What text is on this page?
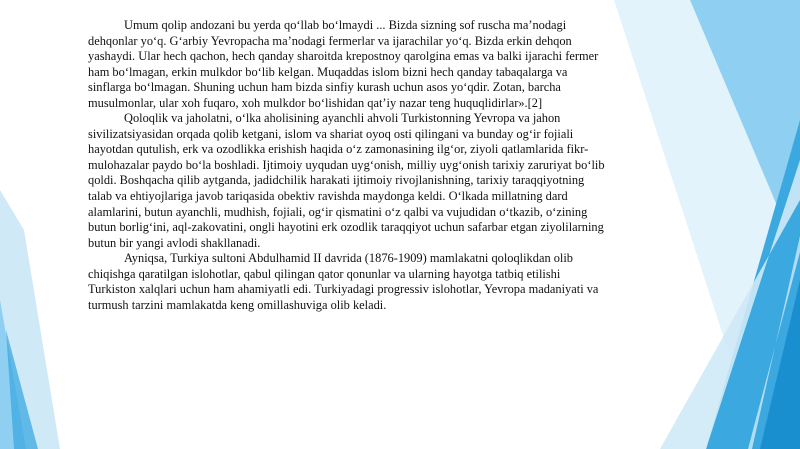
Umum qolip andozani bu yerda qo‘llab bo‘lmaydi ... Bizda sizning sof ruscha ma’nodagi dehqonlar yo‘q. G‘arbiy Yevropacha ma’nodagi fermerlar va ijarachilar yo‘q. Bizda erkin dehqon yashaydi. Ular hech qachon, hech qanday sharoitda krepostnoy qarolgina emas va balki ijarachi fermer ham bo‘lmagan, erkin mulkdor bo‘lib kelgan. Muqaddas islom bizni hech qanday tabaqalarga va sinflarga bo‘lmagan. Shuning uchun ham bizda sinfiy kurash uchun asos yo‘qdir. Zotan, barcha musulmonlar, ular xoh fuqaro, xoh mulkdor bo‘lishidan qat’iy nazar teng huquqlidirlar».[2]

Qoloqlik va jaholatni, o‘lka aholisining ayanchli ahvoli Turkistonning Yevropa va jahon sivilizatsiyasidan orqada qolib ketgani, islom va shariat oyoq osti qilingani va bunday og‘ir fojiali hayotdan qutulish, erk va ozodlikka erishish haqida o‘z zamonasining ilg‘or, ziyoli qatlamlarida fikr-mulohazalar paydo bo‘la boshladi. Ijtimoiy uyqudan uyg‘onish, milliy uyg‘onish tarixiy zaruriyat bo‘lib qoldi. Boshqacha qilib aytganda, jadidchilik harakati ijtimoiy rivojlanishning, tarixiy taraqqiyotning talab va ehtiyojlariga javob tariqasida obektiv ravishda maydonga keldi. O‘lkada millatning dard alamlarini, butun ayanchli, mudhish, fojiali, og‘ir qismatini o‘z qalbi va vujudidan o‘tkazib, o‘zining butun borlig‘ini, aql-zakovatini, ongli hayotini erk ozodlik taraqqiyot uchun safarbar etgan ziyolilarning butun bir yangi avlodi shakllanadi.

Ayniqsa, Turkiya sultoni Abdulhamid II davrida (1876-1909) mamlakatni qoloqlikdan olib chiqishga qaratilgan islohotlar, qabul qilingan qator qonunlar va ularning hayotga tatbiq etilishi Turkiston xalqlari uchun ham ahamiyatli edi. Turkiyadagi progressiv islohotlar, Yevropa madaniyati va turmush tarzini mamlakatda keng omillashuviga olib keladi.
